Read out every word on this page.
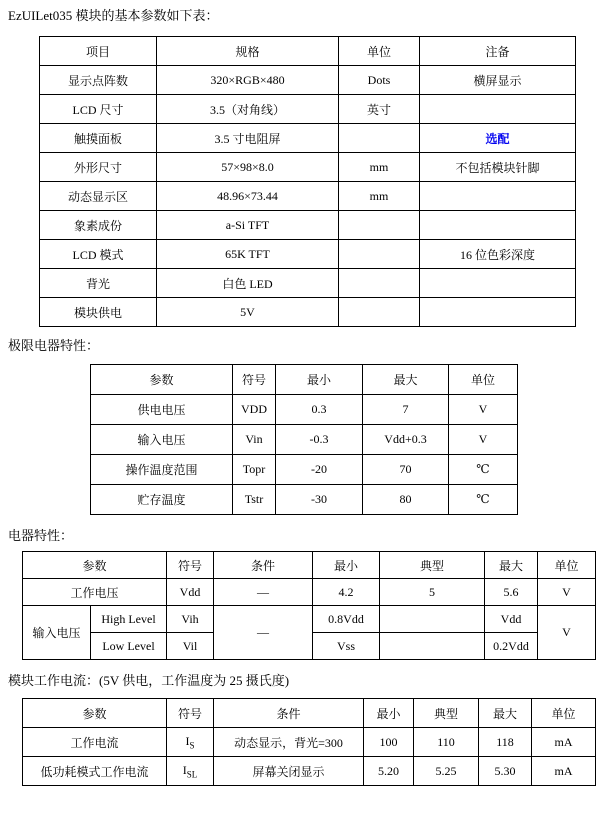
EzUILet035 模块的基本参数如下表：

项目	规格	单位	注备
显示点阵数	320×RGB×480	Dots	横屏显示
LCD 尺寸	3.5（对角线）	英寸	
触摸面板	3.5 寸电阻屏		选配
外形尺寸	57×98×8.0	mm	不包括模块针脚
动态显示区	48.96×73.44	mm	
象素成份	a-Si TFT		
LCD 模式	65K TFT		16 位色彩深度
背光	白色 LED		
模块供电	5V		

极限电器特性：

参数	符号	最小	最大	单位
供电电压	VDD	0.3	7	V
输入电压	Vin	-0.3	Vdd+0.3	V
操作温度范围	Topr	-20	70	℃
贮存温度	Tstr	-30	80	℃

电器特性：

参数		符号	条件	最小	典型	最大	单位
工作电压		Vdd	—	4.2	5	5.6	V
输入电压	High Level	Vih	—	0.8Vdd		Vdd	V
	Low Level	Vil		Vss		0.2Vdd	

模块工作电流：(5V 供电，工作温度为 25 摄氏度)

参数	符号	条件	最小	典型	最大	单位
工作电流	$I_S$	动态显示，背光=300	100	110	118	mA
低功耗模式工作电流	$I_{SL}$	屏幕关闭显示	5.20	5.25	5.30	mA
